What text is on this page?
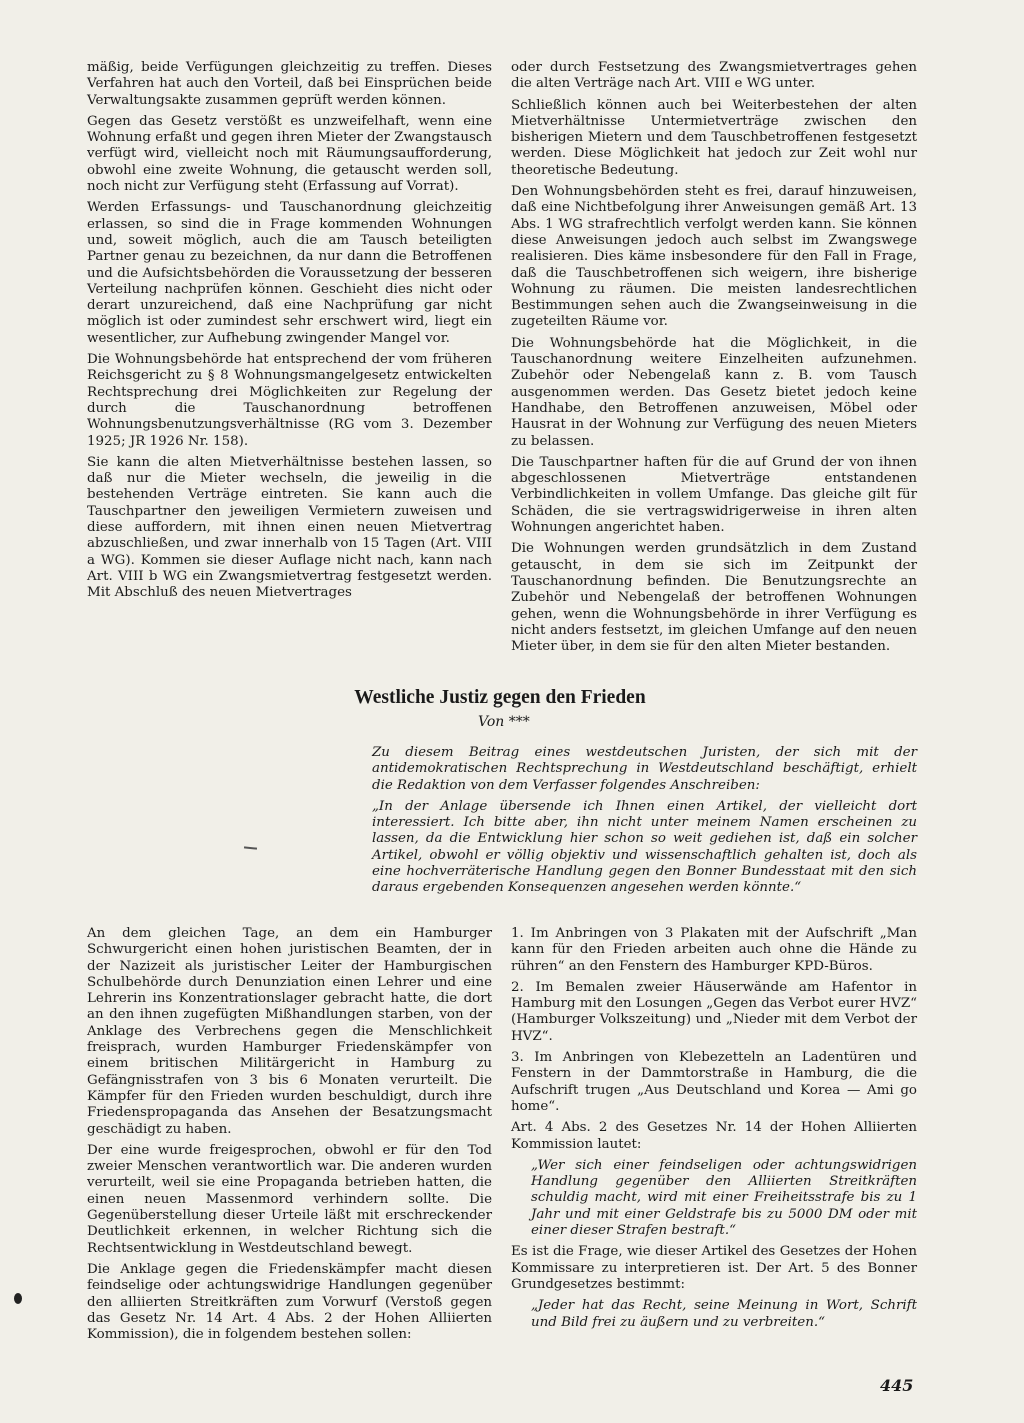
mäßig, beide Verfügungen gleichzeitig zu treffen. Dieses Verfahren hat auch den Vorteil, daß bei Einsprüchen beide Verwaltungsakte zusammen geprüft werden können.

Gegen das Gesetz verstößt es unzweifelhaft, wenn eine Wohnung erfaßt und gegen ihren Mieter der Zwangstausch verfügt wird, vielleicht noch mit Räumungsaufforderung, obwohl eine zweite Wohnung, die getauscht werden soll, noch nicht zur Verfügung steht (Erfassung auf Vorrat).

Werden Erfassungs- und Tauschanordnung gleichzeitig erlassen, so sind die in Frage kommenden Wohnungen und, soweit möglich, auch die am Tausch beteiligten Partner genau zu bezeichnen, da nur dann die Betroffenen und die Aufsichtsbehörden die Voraussetzung der besseren Verteilung nachprüfen können. Geschieht dies nicht oder derart unzureichend, daß eine Nachprüfung gar nicht möglich ist oder zumindest sehr erschwert wird, liegt ein wesentlicher, zur Aufhebung zwingender Mangel vor.

Die Wohnungsbehörde hat entsprechend der vom früheren Reichsgericht zu § 8 Wohnungsmangelgesetz entwickelten Rechtsprechung drei Möglichkeiten zur Regelung der durch die Tauschanordnung betroffenen Wohnungsbenutzungsverhältnisse (RG vom 3. Dezember 1925; JR 1926 Nr. 158).

Sie kann die alten Mietverhältnisse bestehen lassen, so daß nur die Mieter wechseln, die jeweilig in die bestehenden Verträge eintreten. Sie kann auch die Tauschpartner den jeweiligen Vermietern zuweisen und diese auffordern, mit ihnen einen neuen Mietvertrag abzuschließen, und zwar innerhalb von 15 Tagen (Art. VIII a WG). Kommen sie dieser Auflage nicht nach, kann nach Art. VIII b WG ein Zwangsmietvertrag festgesetzt werden. Mit Abschluß des neuen Mietvertrages

oder durch Festsetzung des Zwangsmietvertrages gehen die alten Verträge nach Art. VIII e WG unter.

Schließlich können auch bei Weiterbestehen der alten Mietverhältnisse Untermietverträge zwischen den bisherigen Mietern und dem Tauschbetroffenen festgesetzt werden. Diese Möglichkeit hat jedoch zur Zeit wohl nur theoretische Bedeutung.

Den Wohnungsbehörden steht es frei, darauf hinzuweisen, daß eine Nichtbefolgung ihrer Anweisungen gemäß Art. 13 Abs. 1 WG strafrechtlich verfolgt werden kann. Sie können diese Anweisungen jedoch auch selbst im Zwangswege realisieren. Dies käme insbesondere für den Fall in Frage, daß die Tauschbetroffenen sich weigern, ihre bisherige Wohnung zu räumen. Die meisten landesrechtlichen Bestimmungen sehen auch die Zwangseinweisung in die zugeteilten Räume vor.

Die Wohnungsbehörde hat die Möglichkeit, in die Tauschanordnung weitere Einzelheiten aufzunehmen. Zubehör oder Nebengelaß kann z. B. vom Tausch ausgenommen werden. Das Gesetz bietet jedoch keine Handhabe, den Betroffenen anzuweisen, Möbel oder Hausrat in der Wohnung zur Verfügung des neuen Mieters zu belassen.

Die Tauschpartner haften für die auf Grund der von ihnen abgeschlossenen Mietverträge entstandenen Verbindlichkeiten in vollem Umfange. Das gleiche gilt für Schäden, die sie vertragswidrigerweise in ihren alten Wohnungen angerichtet haben.

Die Wohnungen werden grundsätzlich in dem Zustand getauscht, in dem sie sich im Zeitpunkt der Tauschanordnung befinden. Die Benutzungsrechte an Zubehör und Nebengelaß der betroffenen Wohnungen gehen, wenn die Wohnungsbehörde in ihrer Verfügung es nicht anders festsetzt, im gleichen Umfange auf den neuen Mieter über, in dem sie für den alten Mieter bestanden.

Westliche Justiz gegen den Frieden
Von ***

Zu diesem Beitrag eines westdeutschen Juristen, der sich mit der antidemokratischen Rechtsprechung in Westdeutschland beschäftigt, erhielt die Redaktion von dem Verfasser folgendes Anschreiben:

„In der Anlage übersende ich Ihnen einen Artikel, der vielleicht dort interessiert. Ich bitte aber, ihn nicht unter meinem Namen erscheinen zu lassen, da die Entwicklung hier schon so weit gediehen ist, daß ein solcher Artikel, obwohl er völlig objektiv und wissenschaftlich gehalten ist, doch als eine hochverräterische Handlung gegen den Bonner Bundesstaat mit den sich daraus ergebenden Konsequenzen angesehen werden könnte.“

An dem gleichen Tage, an dem ein Hamburger Schwurgericht einen hohen juristischen Beamten, der in der Nazizeit als juristischer Leiter der Hamburgischen Schulbehörde durch Denunziation einen Lehrer und eine Lehrerin ins Konzentrationslager gebracht hatte, die dort an den ihnen zugefügten Mißhandlungen starben, von der Anklage des Verbrechens gegen die Menschlichkeit freisprach, wurden Hamburger Friedenskämpfer von einem britischen Militärgericht in Hamburg zu Gefängnisstrafen von 3 bis 6 Monaten verurteilt. Die Kämpfer für den Frieden wurden beschuldigt, durch ihre Friedenspropaganda das Ansehen der Besatzungsmacht geschädigt zu haben.

Der eine wurde freigesprochen, obwohl er für den Tod zweier Menschen verantwortlich war. Die anderen wurden verurteilt, weil sie eine Propaganda betrieben hatten, die einen neuen Massenmord verhindern sollte. Die Gegenüberstellung dieser Urteile läßt mit erschreckender Deutlichkeit erkennen, in welcher Richtung sich die Rechtsentwicklung in Westdeutschland bewegt.

Die Anklage gegen die Friedenskämpfer macht diesen feindselige oder achtungswidrige Handlungen gegenüber den alliierten Streitkräften zum Vorwurf (Verstoß gegen das Gesetz Nr. 14 Art. 4 Abs. 2 der Hohen Alliierten Kommission), die in folgendem bestehen sollen:

1. Im Anbringen von 3 Plakaten mit der Aufschrift „Man kann für den Frieden arbeiten auch ohne die Hände zu rühren“ an den Fenstern des Hamburger KPD-Büros.

2. Im Bemalen zweier Häuserwände am Hafentor in Hamburg mit den Losungen „Gegen das Verbot eurer HVZ“ (Hamburger Volkszeitung) und „Nieder mit dem Verbot der HVZ“.

3. Im Anbringen von Klebezetteln an Ladentüren und Fenstern in der Dammtorstraße in Hamburg, die die Aufschrift trugen „Aus Deutschland und Korea — Ami go home“.

Art. 4 Abs. 2 des Gesetzes Nr. 14 der Hohen Alliierten Kommission lautet:

„Wer sich einer feindseligen oder achtungswidrigen Handlung gegenüber den Alliierten Streitkräften schuldig macht, wird mit einer Freiheitsstrafe bis zu 1 Jahr und mit einer Geldstrafe bis zu 5000 DM oder mit einer dieser Strafen bestraft.“

Es ist die Frage, wie dieser Artikel des Gesetzes der Hohen Kommissare zu interpretieren ist. Der Art. 5 des Bonner Grundgesetzes bestimmt:

„Jeder hat das Recht, seine Meinung in Wort, Schrift und Bild frei zu äußern und zu verbreiten.“

445
